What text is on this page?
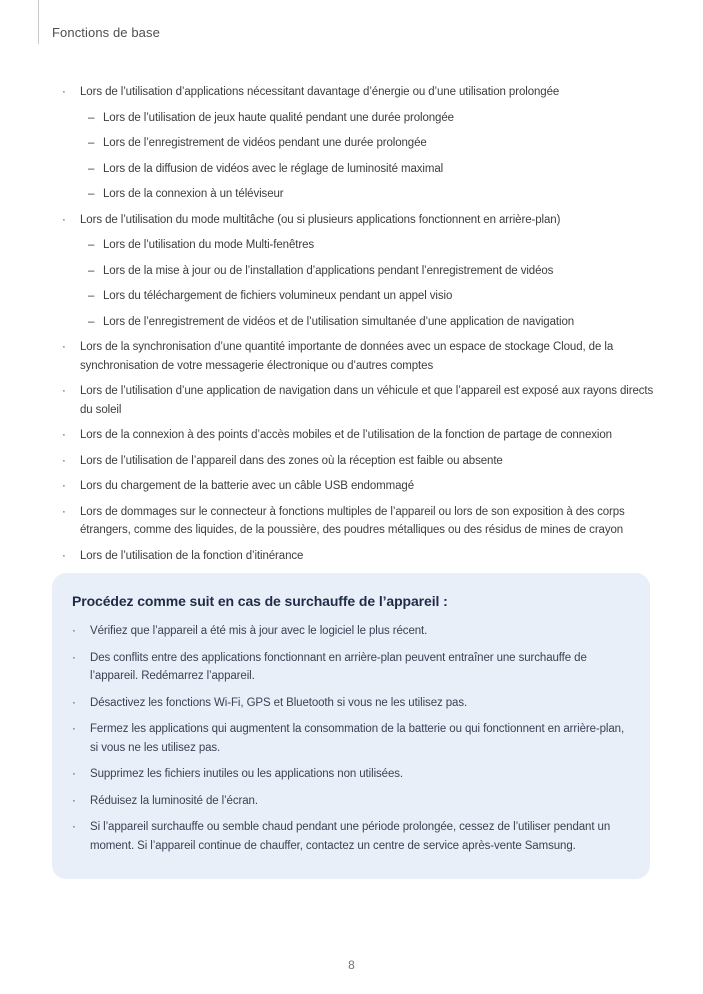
Fonctions de base
·	Lors de l’utilisation d’applications nécessitant davantage d’énergie ou d’une utilisation prolongée
– Lors de l’utilisation de jeux haute qualité pendant une durée prolongée
– Lors de l’enregistrement de vidéos pendant une durée prolongée
– Lors de la diffusion de vidéos avec le réglage de luminosité maximal
– Lors de la connexion à un téléviseur
·	Lors de l’utilisation du mode multitâche (ou si plusieurs applications fonctionnent en arrière-plan)
– Lors de l’utilisation du mode Multi-fenêtres
– Lors de la mise à jour ou de l’installation d’applications pendant l’enregistrement de vidéos
– Lors du téléchargement de fichiers volumineux pendant un appel visio
– Lors de l’enregistrement de vidéos et de l’utilisation simultanée d’une application de navigation
·	Lors de la synchronisation d’une quantité importante de données avec un espace de stockage Cloud, de la synchronisation de votre messagerie électronique ou d’autres comptes
·	Lors de l’utilisation d’une application de navigation dans un véhicule et que l’appareil est exposé aux rayons directs du soleil
·	Lors de la connexion à des points d’accès mobiles et de l’utilisation de la fonction de partage de connexion
·	Lors de l’utilisation de l’appareil dans des zones où la réception est faible ou absente
·	Lors du chargement de la batterie avec un câble USB endommagé
·	Lors de dommages sur le connecteur à fonctions multiples de l’appareil ou lors de son exposition à des corps étrangers, comme des liquides, de la poussière, des poudres métalliques ou des résidus de mines de crayon
·	Lors de l’utilisation de la fonction d’itinérance
Procédez comme suit en cas de surchauffe de l’appareil :
·	Vérifiez que l’appareil a été mis à jour avec le logiciel le plus récent.
·	Des conflits entre des applications fonctionnant en arrière-plan peuvent entraîner une surchauffe de l’appareil. Redémarrez l’appareil.
·	Désactivez les fonctions Wi-Fi, GPS et Bluetooth si vous ne les utilisez pas.
·	Fermez les applications qui augmentent la consommation de la batterie ou qui fonctionnent en arrière-plan, si vous ne les utilisez pas.
·	Supprimez les fichiers inutiles ou les applications non utilisées.
·	Réduisez la luminosité de l’écran.
·	Si l’appareil surchauffe ou semble chaud pendant une période prolongée, cessez de l’utiliser pendant un moment. Si l’appareil continue de chauffer, contactez un centre de service après-vente Samsung.
8
